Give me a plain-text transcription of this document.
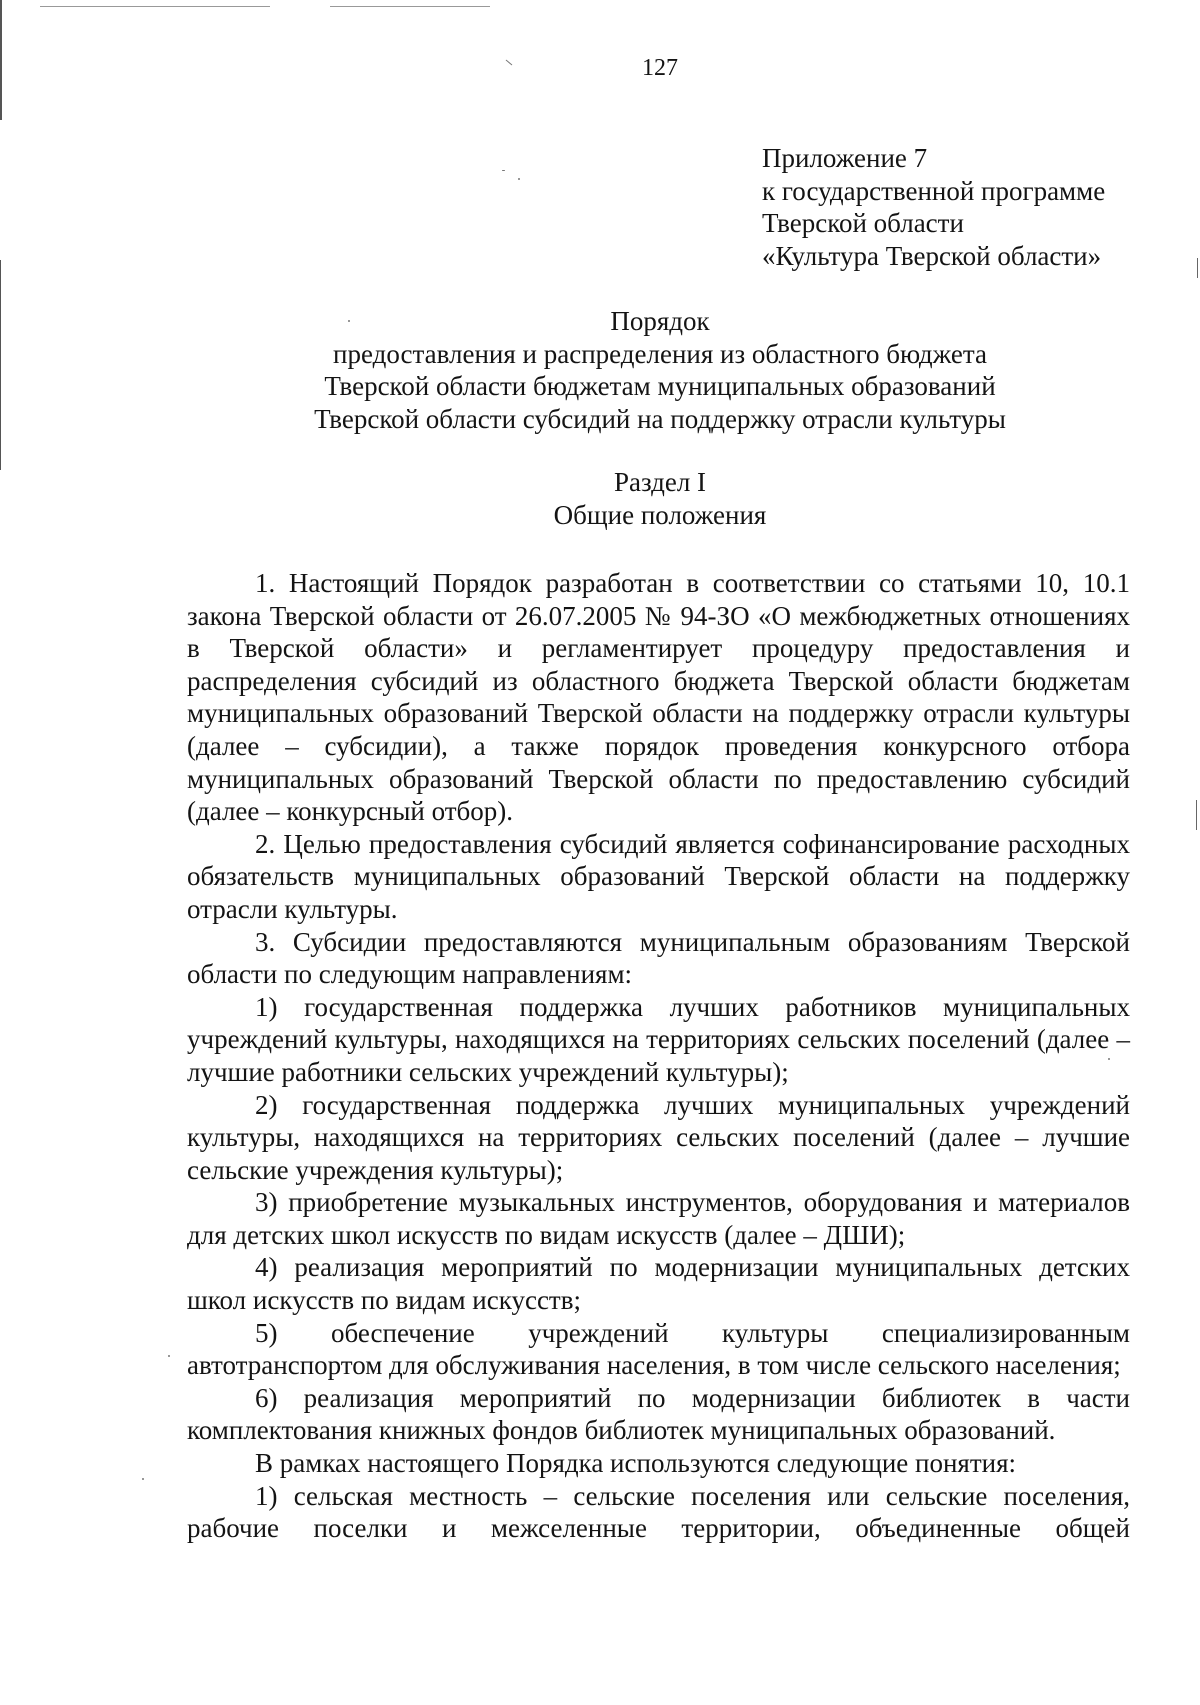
127
Приложение 7
к государственной программе
Тверской области
«Культура Тверской области»
Порядок
предоставления и распределения из областного бюджета
Тверской области бюджетам муниципальных образований
Тверской области субсидий на поддержку отрасли культуры
Раздел I
Общие положения

1. Настоящий Порядок разработан в соответствии со статьями 10, 10.1 закона Тверской области от 26.07.2005 № 94-ЗО «О межбюджетных отношениях в Тверской области» и регламентирует процедуру предоставления и распределения субсидий из областного бюджета Тверской области бюджетам муниципальных образований Тверской области на поддержку отрасли культуры (далее – субсидии), а также порядок проведения конкурсного отбора муниципальных образований Тверской области по предоставлению субсидий (далее – конкурсный отбор).

2. Целью предоставления субсидий является софинансирование расходных обязательств муниципальных образований Тверской области на поддержку отрасли культуры.

3. Субсидии предоставляются муниципальным образованиям Тверской области по следующим направлениям:

1) государственная поддержка лучших работников муниципальных учреждений культуры, находящихся на территориях сельских поселений (далее – лучшие работники сельских учреждений культуры);

2) государственная поддержка лучших муниципальных учреждений культуры, находящихся на территориях сельских поселений (далее – лучшие сельские учреждения культуры);

3) приобретение музыкальных инструментов, оборудования и материалов для детских школ искусств по видам искусств (далее – ДШИ);

4) реализация мероприятий по модернизации муниципальных детских школ искусств по видам искусств;

5) обеспечение учреждений культуры специализированным автотранспортом для обслуживания населения, в том числе сельского населения;

6) реализация мероприятий по модернизации библиотек в части комплектования книжных фондов библиотек муниципальных образований.

В рамках настоящего Порядка используются следующие понятия:

1) сельская местность – сельские поселения или сельские поселения, рабочие поселки и межселенные территории, объединенные общей
